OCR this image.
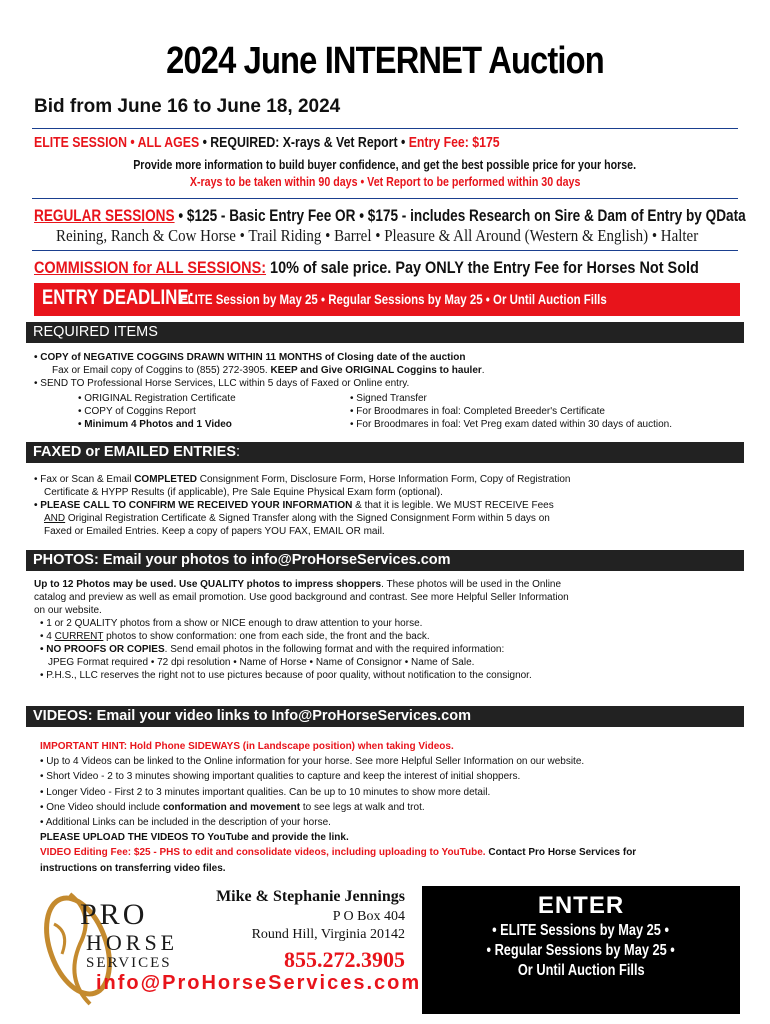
2024 June INTERNET Auction
Bid from June 16 to June 18, 2024
ELITE SESSION • ALL AGES • REQUIRED: X-rays & Vet Report • Entry Fee: $175
Provide more information to build buyer confidence, and get the best possible price for your horse.
X-rays to be taken within 90 days • Vet Report to be performed within 30 days
REGULAR SESSIONS • $125 - Basic Entry Fee OR • $175 - includes Research on Sire & Dam of Entry by QData
Reining, Ranch & Cow Horse • Trail Riding • Barrel • Pleasure & All Around (Western & English) • Halter
COMMISSION for ALL SESSIONS: 10% of sale price. Pay ONLY the Entry Fee for Horses Not Sold
ENTRY DEADLINE:
ELITE Session by May 25 • Regular Sessions by May 25 • Or Until Auction Fills
REQUIRED ITEMS
• COPY of NEGATIVE COGGINS DRAWN WITHIN 11 MONTHS of Closing date of the auction
Fax or Email copy of Coggins to (855) 272-3905. KEEP and Give ORIGINAL Coggins to hauler.
• SEND TO Professional Horse Services, LLC within 5 days of Faxed or Online entry.
• ORIGINAL Registration Certificate
• COPY of Coggins Report
• Minimum 4 Photos and 1 Video
• Signed Transfer
• For Broodmares in foal: Completed Breeder's Certificate
• For Broodmares in foal: Vet Preg exam dated within 30 days of auction.
FAXED or EMAILED ENTRIES:
• Fax or Scan & Email COMPLETED Consignment Form, Disclosure Form, Horse Information Form, Copy of Registration
Certificate & HYPP Results (if applicable), Pre Sale Equine Physical Exam form (optional).
• PLEASE CALL TO CONFIRM WE RECEIVED YOUR INFORMATION & that it is legible. We MUST RECEIVE Fees
AND Original Registration Certificate & Signed Transfer along with the Signed Consignment Form within 5 days on
Faxed or Emailed Entries. Keep a copy of papers YOU FAX, EMAIL OR mail.
PHOTOS: Email your photos to info@ProHorseServices.com
Up to 12 Photos may be used. Use QUALITY photos to impress shoppers. These photos will be used in the Online
catalog and preview as well as email promotion. Use good background and contrast. See more Helpful Seller Information
on our website.
• 1 or 2 QUALITY photos from a show or NICE enough to draw attention to your horse.
• 4 CURRENT photos to show conformation: one from each side, the front and the back.
• NO PROOFS OR COPIES. Send email photos in the following format and with the required information:
JPEG Format required • 72 dpi resolution • Name of Horse • Name of Consignor • Name of Sale.
• P.H.S., LLC reserves the right not to use pictures because of poor quality, without notification to the consignor.
VIDEOS: Email your video links to Info@ProHorseServices.com
IMPORTANT HINT: Hold Phone SIDEWAYS (in Landscape position) when taking Videos.
• Up to 4 Videos can be linked to the Online information for your horse. See more Helpful Seller Information on our website.
• Short Video - 2 to 3 minutes showing important qualities to capture and keep the interest of initial shoppers.
• Longer Video - First 2 to 3 minutes important qualities. Can be up to 10 minutes to show more detail.
• One Video should include conformation and movement to see legs at walk and trot.
• Additional Links can be included in the description of your horse.
PLEASE UPLOAD THE VIDEOS TO YouTube and provide the link.
VIDEO Editing Fee: $25 - PHS to edit and consolidate videos, including uploading to YouTube. Contact Pro Horse Services for
instructions on transferring video files.
PRO
HORSE
SERVICES
Mike & Stephanie Jennings
P O Box 404
Round Hill, Virginia 20142
855.272.3905
info@ProHorseServices.com
ENTER
• ELITE Sessions by May 25 •
• Regular Sessions by May 25 •
Or Until Auction Fills
